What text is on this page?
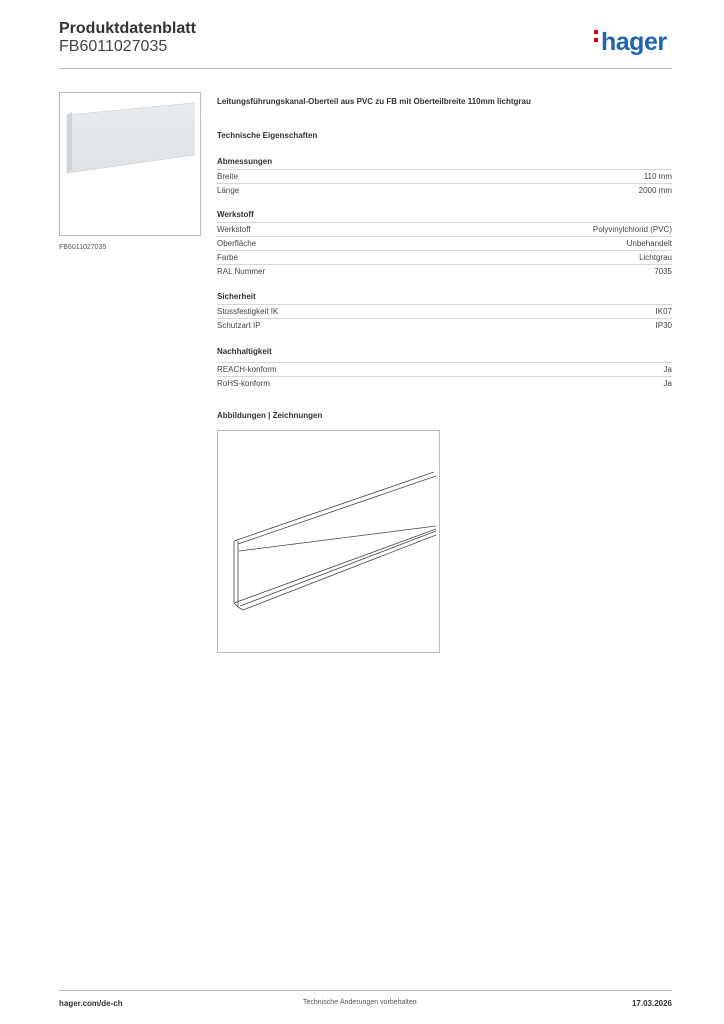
Produktdatenblatt
FB6011027035	hager
FB6011027035
Leitungsführungskanal-Oberteil aus PVC zu FB mit Oberteilbreite 110mm lichtgrau
Technische Eigenschaften
Abmessungen
Breite	110 mm
Länge	2000 mm
Werkstoff
Werkstoff	Polyvinylchlorid (PVC)
Oberfläche	Unbehandelt
Farbe	Lichtgrau
RAL Nummer	7035
Sicherheit
Stossfestigkeit IK	IK07
Schutzart IP	IP30
Nachhaltigkeit
REACH-konform	Ja
RoHS-konform	Ja
Abbildungen | Zeichnungen
hager.com/de-ch	Technische Änderungen vorbehalten	17.03.2026
